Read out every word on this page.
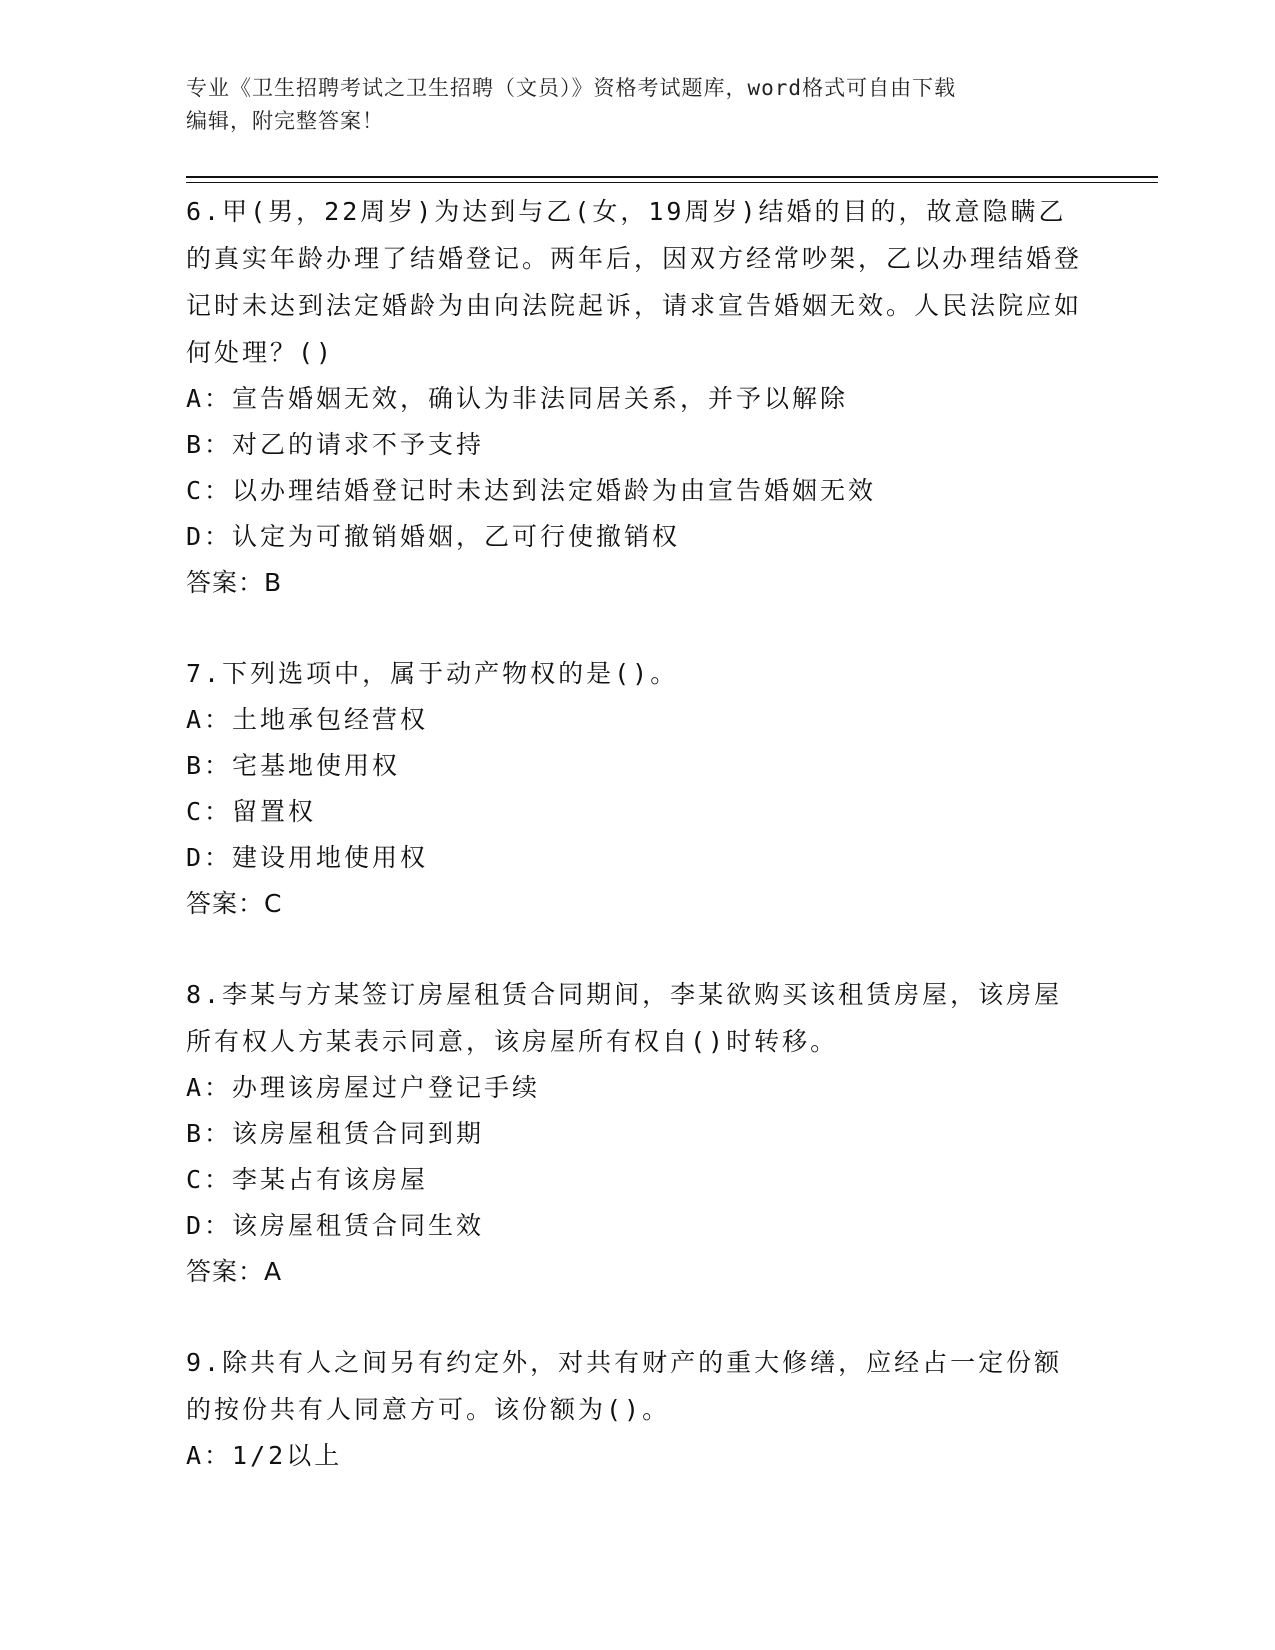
专业《卫生招聘考试之卫生招聘（文员）》资格考试题库，word格式可自由下载
编辑，附完整答案！

6.甲(男，22周岁)为达到与乙(女，19周岁)结婚的目的，故意隐瞒乙的真实年龄办理了结婚登记。两年后，因双方经常吵架，乙以办理结婚登记时未达到法定婚龄为由向法院起诉，请求宣告婚姻无效。人民法院应如何处理？()

A：宣告婚姻无效，确认为非法同居关系，并予以解除

B：对乙的请求不予支持

C：以办理结婚登记时未达到法定婚龄为由宣告婚姻无效

D：认定为可撤销婚姻，乙可行使撤销权

答案：B

7.下列选项中，属于动产物权的是()。

A：土地承包经营权

B：宅基地使用权

C：留置权

D：建设用地使用权

答案：C

8.李某与方某签订房屋租赁合同期间，李某欲购买该租赁房屋，该房屋所有权人方某表示同意，该房屋所有权自()时转移。

A：办理该房屋过户登记手续

B：该房屋租赁合同到期

C：李某占有该房屋

D：该房屋租赁合同生效

答案：A

9.除共有人之间另有约定外，对共有财产的重大修缮，应经占一定份额的按份共有人同意方可。该份额为()。

A：1/2以上
